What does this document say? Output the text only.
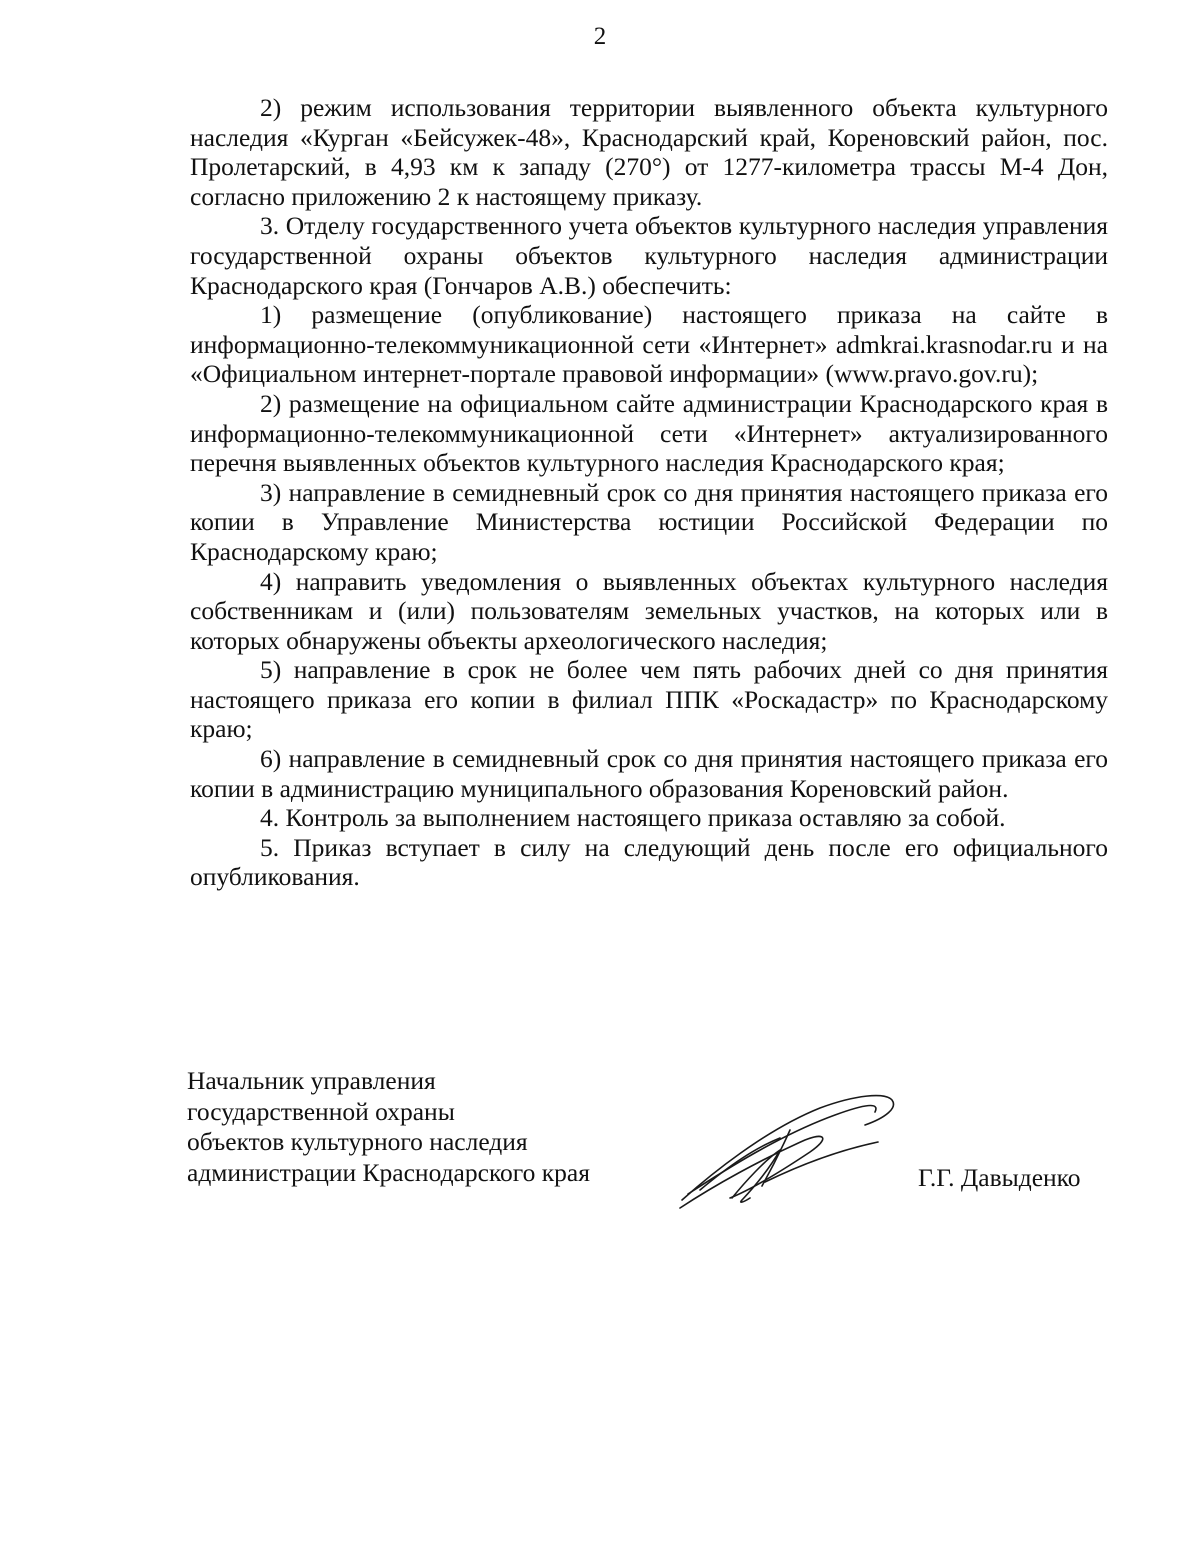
2

2) режим использования территории выявленного объекта культурного наследия «Курган «Бейсужек-48», Краснодарский край, Кореновский район, пос. Пролетарский, в 4,93 км к западу (270°) от 1277-километра трассы М-4 Дон, согласно приложению 2 к настоящему приказу.

3. Отделу государственного учета объектов культурного наследия управления государственной охраны объектов культурного наследия администрации Краснодарского края (Гончаров А.В.) обеспечить:

1) размещение (опубликование) настоящего приказа на сайте в информационно-телекоммуникационной сети «Интернет» admkrai.krasnodar.ru и на «Официальном интернет-портале правовой информации» (www.pravo.gov.ru);

2) размещение на официальном сайте администрации Краснодарского края в информационно-телекоммуникационной сети «Интернет» актуализированного перечня выявленных объектов культурного наследия Краснодарского края;

3) направление в семидневный срок со дня принятия настоящего приказа его копии в Управление Министерства юстиции Российской Федерации по Краснодарскому краю;

4) направить уведомления о выявленных объектах культурного наследия собственникам и (или) пользователям земельных участков, на которых или в которых обнаружены объекты археологического наследия;

5) направление в срок не более чем пять рабочих дней со дня принятия настоящего приказа его копии в филиал ППК «Роскадастр» по Краснодарскому краю;

6) направление в семидневный срок со дня принятия настоящего приказа его копии в администрацию муниципального образования Кореновский район.

4. Контроль за выполнением настоящего приказа оставляю за собой.

5. Приказ вступает в силу на следующий день после его официального опубликования.

Начальник управления
государственной охраны
объектов культурного наследия
администрации Краснодарского края	Г.Г. Давыденко
